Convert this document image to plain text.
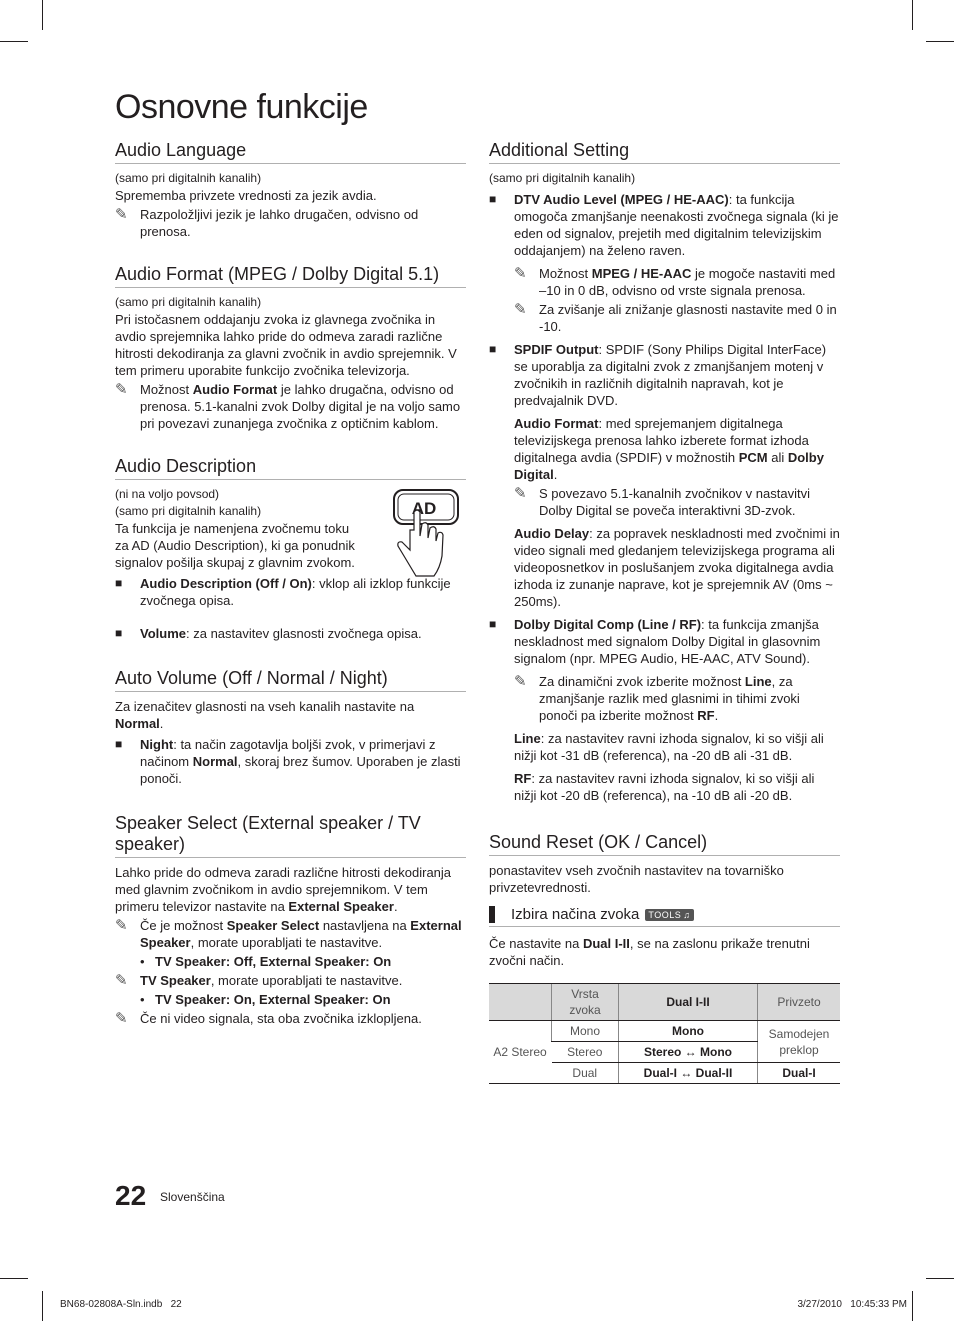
Osnovne funkcije
Audio Language

(samo pri digitalnih kanalih)

Sprememba privzete vrednosti za jezik avdia.

✎ Razpoložljivi jezik je lahko drugačen, odvisno od prenosa.
Audio Format (MPEG / Dolby Digital 5.1)

(samo pri digitalnih kanalih)

Pri istočasnem oddajanju zvoka iz glavnega zvočnika in avdio sprejemnika lahko pride do odmeva zaradi različne hitrosti dekodiranja za glavni zvočnik in avdio sprejemnik. V tem primeru uporabite funkcijo zvočnika televizorja.

✎ Možnost Audio Format je lahko drugačna, odvisno od prenosa. 5.1-kanalni zvok Dolby digital je na voljo samo pri povezavi zunanjega zvočnika z optičnim kablom.
Audio Description

(ni na voljo povsod)

(samo pri digitalnih kanalih)

Ta funkcija je namenjena zvočnemu toku za AD (Audio Description), ki ga ponudnik signalov pošilja skupaj z glavnim zvokom.

AD
■ Audio Description (Off / On): vklop ali izklop funkcije zvočnega opisa.
■ Volume: za nastavitev glasnosti zvočnega opisa.
Auto Volume (Off / Normal / Night)

Za izenačitev glasnosti na vseh kanalih nastavite na Normal.

■ Night: ta način zagotavlja boljši zvok, v primerjavi z načinom Normal, skoraj brez šumov. Uporaben je zlasti ponoči.
Speaker Select (External speaker / TV speaker)

Lahko pride do odmeva zaradi različne hitrosti dekodiranja med glavnim zvočnikom in avdio sprejemnikom. V tem primeru televizor nastavite na External Speaker.

✎ Če je možnost Speaker Select nastavljena na External Speaker, morate uporabljati te nastavitve.
• TV Speaker: Off, External Speaker: On
✎ TV Speaker, morate uporabljati te nastavitve.
• TV Speaker: On, External Speaker: On
✎ Če ni video signala, sta oba zvočnika izklopljena.
Additional Setting

(samo pri digitalnih kanalih)

■ DTV Audio Level (MPEG / HE-AAC): ta funkcija omogoča zmanjšanje neenakosti zvočnega signala (ki je eden od signalov, prejetih med digitalnim televizijskim oddajanjem) na želeno raven.
✎ Možnost MPEG / HE-AAC je mogoče nastaviti med –10 in 0 dB, odvisno od vrste signala prenosa.
✎ Za zvišanje ali znižanje glasnosti nastavite med 0 in -10.
■ SPDIF Output: SPDIF (Sony Philips Digital InterFace) se uporablja za digitalni zvok z zmanjšanjem motenj v zvočnikih in različnih digitalnih napravah, kot je predvajalnik DVD.
Audio Format: med sprejemanjem digitalnega televizijskega prenosa lahko izberete format izhoda digitalnega avdia (SPDIF) v možnostih PCM ali Dolby Digital.
✎ S povezavo 5.1-kanalnih zvočnikov v nastavitvi Dolby Digital se poveča interaktivni 3D-zvok.
Audio Delay: za popravek neskladnosti med zvočnimi in video signali med gledanjem televizijskega programa ali videoposnetkov in poslušanjem zvoka digitalnega avdia izhoda iz zunanje naprave, kot je sprejemnik AV (0ms ~ 250ms).
■ Dolby Digital Comp (Line / RF): ta funkcija zmanjša neskladnost med signalom Dolby Digital in glasovnim signalom (npr. MPEG Audio, HE-AAC, ATV Sound).
✎ Za dinamični zvok izberite možnost Line, za zmanjšanje razlik med glasnimi in tihimi zvoki ponoči pa izberite možnost RF.
Line: za nastavitev ravni izhoda signalov, ki so višji ali nižji kot -31 dB (referenca), na -20 dB ali -31 dB.
RF: za nastavitev ravni izhoda signalov, ki so višji ali nižji kot -20 dB (referenca), na -10 dB ali -20 dB.
Sound Reset (OK / Cancel)

ponastavitev vseh zvočnih nastavitev na tovarniško privzetevrednosti.

Izbira načina zvoka TOOLS ♫

Če nastavite na Dual I-II, se na zaslonu prikaže trenutni zvočni način.

	Vrsta zvoka	Dual I-II	Privzeto
A2 Stereo	Mono	Mono	Samodejen preklop
	Stereo	Stereo ↔ Mono	
	Dual	Dual-I ↔ Dual-II	Dual-I
22 Slovenščina
BN68-02808A-Sln.indb   22	3/27/2010   10:45:33 PM
